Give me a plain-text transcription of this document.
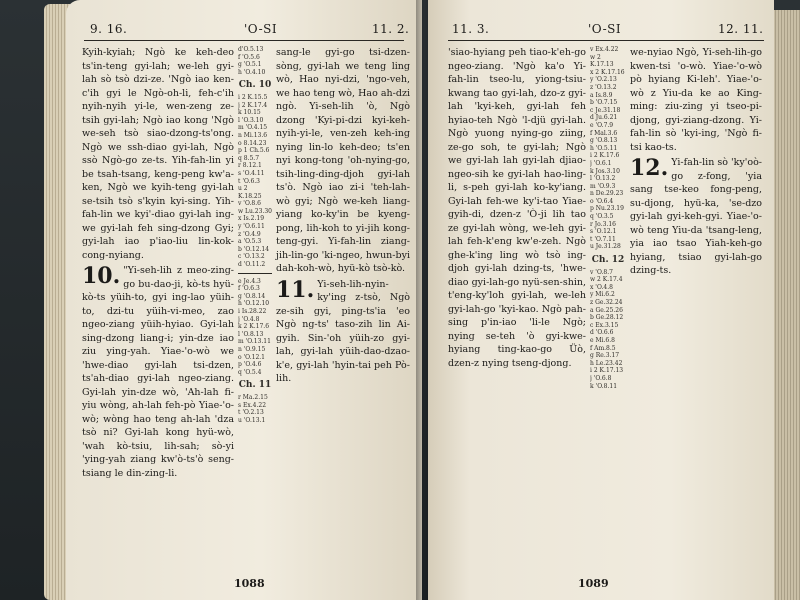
9. 16.	'O-SI	11. 2.

Kyih-kyiah; Ngò ke keh-deo ts'in-teng gyi-lah; we-leh gyi-lah sò tsò dzi-ze. 'Ngò iao ken-c'ih gyi le Ngò-oh-li, feh-c'ih nyih-nyih yi-le, wen-zeng ze-tsih gyi-lah; Ngò iao kong 'Ngò we-seh tsò siao-dzong-ts'ong. Ngò we ssh-diao gyi-lah, Ngò ssò Ngò-go ze-ts. Yih-fah-lin yi be tsah-tsang, keng-peng kw'a-ken, Ngò we kyih-teng gyi-lah se-tsih tsò s'kyin kyi-sing. Yih-fah-lin we kyi'-diao gyi-lah ing-we gyi-lah feh sing-dzong Gyi; gyi-lah iao p'iao-liu lin-kok-cong-nyiang.

10. "Yi-seh-lih z meo-zing-go bu-dao-ji, kò-ts hyü-kò-ts yüih-to, gyi ing-lao yüih-to, dzi-tu yüih-vi-meo, zao ngeo-ziang yüih-hyiao. Gyi-lah sing-dzong liang-i; yin-dze iao ziu ying-yah. Yiae-'o-wò we 'hwe-diao gyi-lah tsi-dzen, ts'ah-diao gyi-lah ngeo-ziang. Gyi-lah yin-dze wò, 'Ah-lah fi-yiu wòng, ah-lah feh-pò Yiae-'o-wò; wòng hao teng ah-lah 'dza tsò ni? Gyi-lah kong hyü-wò, 'wah kò-tsiu, lih-sah; sò-yi 'ying-yah ziang kw'ò-ts'ò seng-tsiang le din-zing-li.

d'O.5.13
f 'O.5.6
g 'O.5.1
h 'O.4.10
Ch. 10
i 2 K.15.5
j 2 K.17.4
k 10.15
l 'O.3.10
m 'O.4.15
n Mi.13.6
o 8.14.23
p 1 Ch.5.6
q 8.5.7
r 8.12.1
s 'O.4.11
t 'O.6.3
u 2 K.18.25
v 'O.8.6
w Lu.23.30
x Is.2.19
y 'O.6.11
z 'O.4.9
a 'O.5.3
b 'O.12.14
c 'O.13.2
d 'O.11.2
e Je.4.3
f 'O.6.3
g 'O.8.14
h 'O.12.10
i Is.28.22
j 'O.4.8
k 2 K.17.6
l 'O.8.13
m 'O.13.11
n 'O.9.15
o 'O.12.1
p 'O.4.6
q 'O.5.4
Ch. 11
r Ma.2.15
s Ex.4.22
t 'O.2.13
u 'O.13.1

sang-le gyi-go tsi-dzen-sòng, gyi-lah we teng ling wò, Hao nyi-dzi, 'ngo-veh, we hao teng wò, Hao ah-dzi ngò. Yi-seh-lih 'ò, Ngò dzong 'Kyi-pi-dzi kyi-keh-nyih-yi-le, ven-zeh keh-ing nying lin-lo keh-deo; ts'en nyi kong-tong 'oh-nying-go, tsih-ling-ding-djoh gyi-lah ts'ò. Ngò iao zi-i 'teh-lah-wò gyi; Ngò we-keh liang-yiang ko-ky'in be kyeng-pong, lih-koh to yi-jih kong-teng-gyi. Yi-fah-lin ziang-jih-lin-go 'ki-ngeo, hwun-byi dah-koh-wò, hyü-kò tsò-kò.

11. Yi-seh-lih-nyin-ky'ing z-tsò, Ngò ze-sih gyi, ping-ts'ia 'eo Ngò ng-ts' taso-zih lin Ai-gyih. Sin-'oh yüih-zo gyi-lah, gyi-lah yüih-dao-dzao-k'e, gyi-lah 'hyin-tai peh Pò-lih.

1088
11. 3.	'O-SI	12. 11.

'siao-hyiang peh tiao-k'eh-go ngeo-ziang. 'Ngò ka'o Yi-fah-lin tseo-lu, yiong-tsiu-kwang tao gyi-lah, dzo-z gyi-lah 'kyi-keh, gyi-lah feh hyiao-teh Ngò 'l-djü gyi-lah. Ngò yuong nying-go ziing, ze-go soh, te gyi-lah; Ngò we gyi-lah lah gyi-lah djiao-ngeo-sih ke gyi-lah hao-ling-li, s-peh gyi-lah ko-ky'iang. Gyi-lah feh-we ky'i-tao Yiae-gyih-di, dzen-z 'Ò-ji lih tao ze gyi-lah wòng, we-leh gyi-lah feh-k'eng kw'e-zeh. Ngò ghe-k'ing ling wò tsò ing-djoh gyi-lah dzing-ts, 'hwe-diao gyi-lah-go nyü-sen-shin, t'eng-ky'loh gyi-lah, we-leh gyi-lah-go 'kyi-kao. Ngò pah-sing p'in-iao 'li-le Ngò; nying se-teh 'ò gyi-kwe-hyiang ting-kao-go Üò, dzen-z nying tseng-djong.

v Ex.4.22
w 2 K.17.13
x 2 K.17.16
y 'O.2.13
z 'O.13.2
a Is.8.9
b 'O.7.15
c Je.31.18
d Ju.6.21
e 'O.7.9
f Mal.3.6
g 'O.8.13
h 'O.5.11
i 2 K.17.6
j 'O.6.1
k Jos.3.10
l 'O.13.2
m 'O.9.3
n De.29.23
o 'O.6.4
p Nu.23.19
q 'O.3.5
r Jo.3.16
s 'O.12.1
t 'O.7.11
u Je.31.28
Ch. 12
v 'O.8.7
w 2 K.17.4
x 'O.4.8
y Mi.6.2
z Ge.32.24
a Ge.25.26
b Ge.28.12
c Ex.3.15
d 'O.6.6
e Mi.6.8
f Am.8.5
g Re.3.17
h Le.23.42
i 2 K.17.13
j 'O.6.8
k 'O.8.11

we-nyiao Ngò, Yi-seh-lih-go kwen-tsi 'o-wò. Yiae-'o-wò pò hyiang Ki-leh'. Yiae-'o-wò z Yiu-da ke ao King-ming: ziu-zing yi tseo-pi-djong, gyi-ziang-dzong. Yi-fah-lin sò 'kyi-ing, 'Ngò fi-tsi kao-ts.

12. Yi-fah-lin sò 'ky'oò-go z-fong, 'yia sang tse-keo fong-peng, su-djong, hyü-ka, 'se-dzo gyi-lah gyi-keh-gyi. Yiae-'o-wò teng Yiu-da 'tsang-leng, yia iao tsao Yiah-keh-go hyiang, tsiao gyi-lah-go dzing-ts.

1089
